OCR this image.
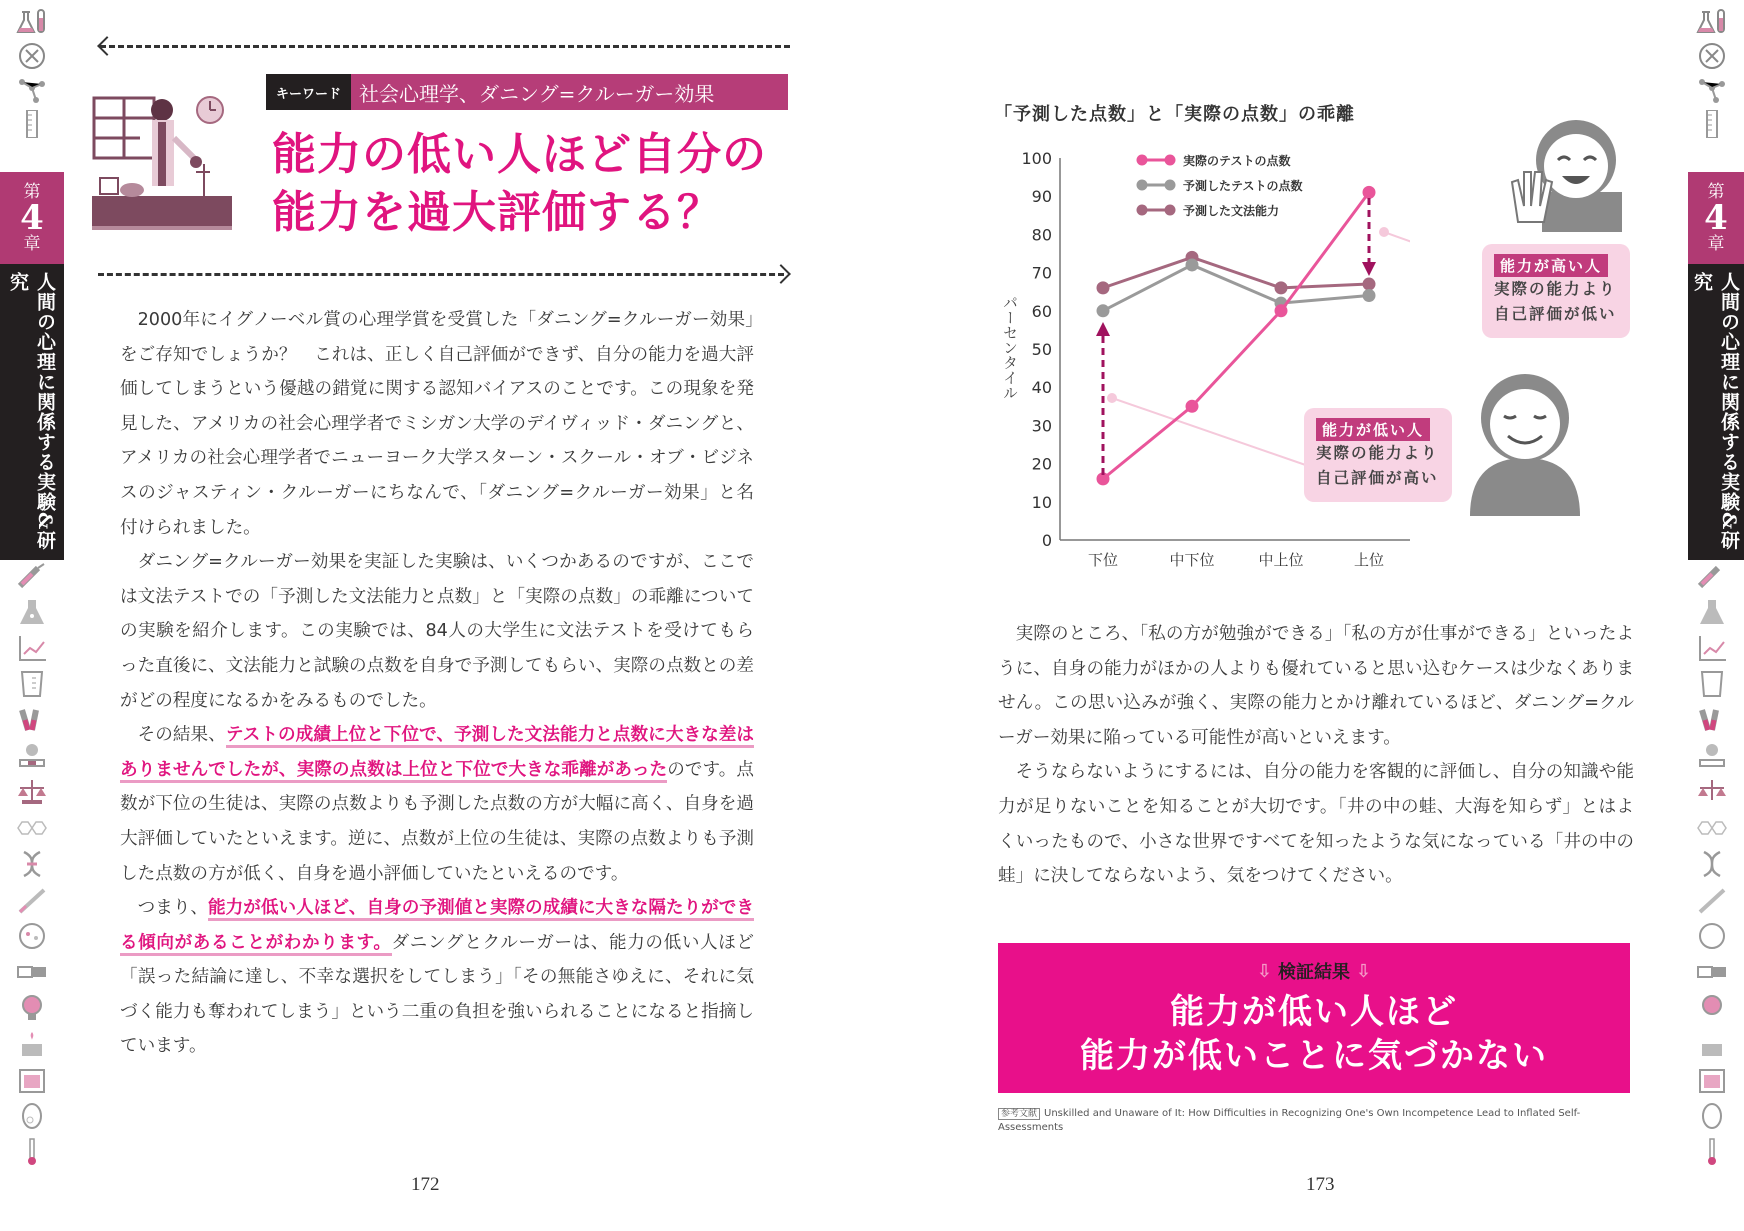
第
4
章
人間の心理に関係する実験&研究
第
4
章
人間の心理に関係する実験&研究
キーワード 社会心理学、ダニング=クルーガー効果
能力の低い人ほど自分の
能力を過大評価する？

2000年にイグノーベル賞の心理学賞を受賞した「ダニング=クルーガー効果」をご存知でしょうか？　これは、正しく自己評価ができず、自分の能力を過大評価してしまうという優越の錯覚に関する認知バイアスのことです。この現象を発見した、アメリカの社会心理学者でミシガン大学のデイヴィッド・ダニングと、アメリカの社会心理学者でニューヨーク大学スターン・スクール・オブ・ビジネスのジャスティン・クルーガーにちなんで、「ダニング=クルーガー効果」と名付けられました。

ダニング=クルーガー効果を実証した実験は、いくつかあるのですが、ここでは文法テストでの「予測した文法能力と点数」と「実際の点数」の乖離についての実験を紹介します。この実験では、84人の大学生に文法テストを受けてもらった直後に、文法能力と試験の点数を自身で予測してもらい、実際の点数との差がどの程度になるかをみるものでした。

その結果、テストの成績上位と下位で、予測した文法能力と点数に大きな差はありませんでしたが、実際の点数は上位と下位で大きな乖離があったのです。点数が下位の生徒は、実際の点数よりも予測した点数の方が大幅に高く、自身を過大評価していたといえます。逆に、点数が上位の生徒は、実際の点数よりも予測した点数の方が低く、自身を過小評価していたといえるのです。

つまり、能力が低い人ほど、自身の予測値と実際の成績に大きな隔たりができる傾向があることがわかります。ダニングとクルーガーは、能力の低い人ほど「誤った結論に達し、不幸な選択をしてしまう」「その無能さゆえに、それに気づく能力も奪われてしまう」という二重の負担を強いられることになると指摘しています。

172
「予測した点数」と「実際の点数」の乖離
0
10
20
30
40
50
60
70
80
90
100
パーセンタイル
下位	中下位	中上位	上位
実際のテストの点数
予測したテストの点数
予測した文法能力
能力が高い人
実際の能力より
自己評価が低い
能力が低い人
実際の能力より
自己評価が高い

実際のところ、「私の方が勉強ができる」「私の方が仕事ができる」といったように、自身の能力がほかの人よりも優れていると思い込むケースは少なくありません。この思い込みが強く、実際の能力とかけ離れているほど、ダニング=クルーガー効果に陥っている可能性が高いといえます。

そうならないようにするには、自分の能力を客観的に評価し、自分の知識や能力が足りないことを知ることが大切です。「井の中の蛙、大海を知らず」とはよくいったもので、小さな世界ですべてを知ったような気になっている「井の中の蛙」に決してならないよう、気をつけてください。

⇩ 検証結果 ⇩
能力が低い人ほど
能力が低いことに気づかない
参考文献 Unskilled and Unaware of It: How Difficulties in Recognizing One's Own Incompetence Lead to Inflated Self-Assessments
173
